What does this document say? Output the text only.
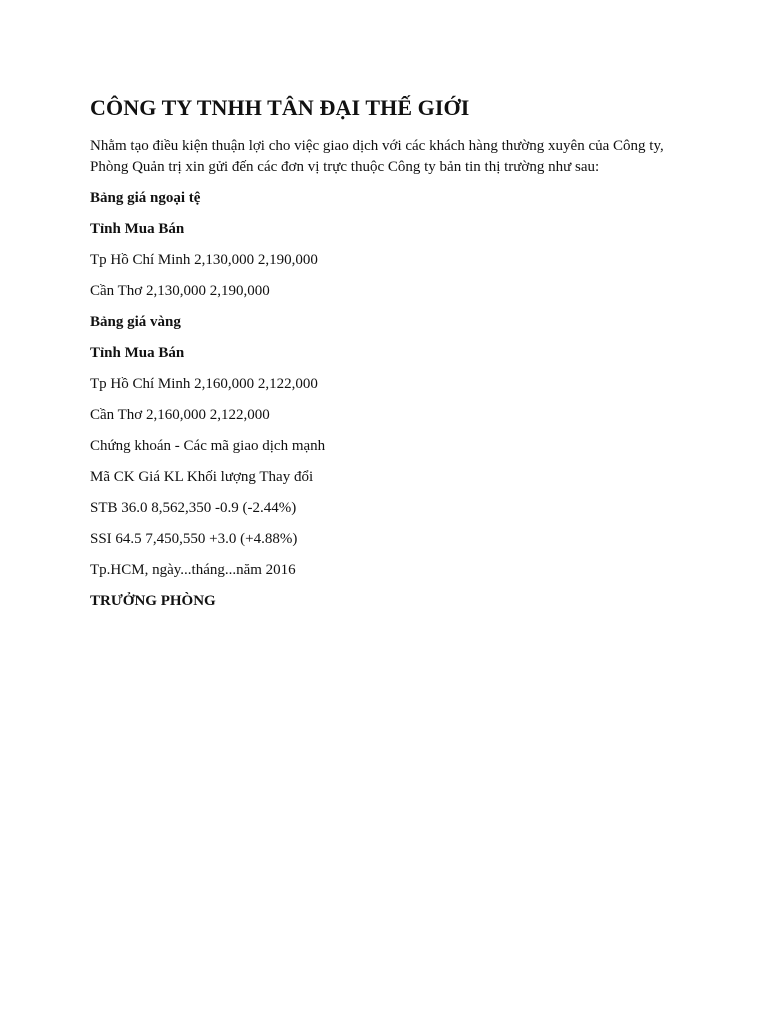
CÔNG TY TNHH TÂN ĐẠI THẾ GIỚI
Nhằm tạo điều kiện thuận lợi cho việc giao dịch với các khách hàng thường xuyên của Công ty, Phòng Quản trị xin gửi đến các đơn vị trực thuộc Công ty bản tin thị trường như sau:
Bảng giá ngoại tệ
Tỉnh Mua Bán
Tp Hồ Chí Minh 2,130,000 2,190,000
Cần Thơ 2,130,000 2,190,000
Bảng giá vàng
Tỉnh Mua Bán
Tp Hồ Chí Minh 2,160,000 2,122,000
Cần Thơ 2,160,000 2,122,000
Chứng khoán - Các mã giao dịch mạnh
Mã CK Giá KL Khối lượng Thay đổi
STB 36.0 8,562,350 -0.9 (-2.44%)
SSI 64.5 7,450,550 +3.0 (+4.88%)
Tp.HCM, ngày...tháng...năm 2016
TRƯỞNG PHÒNG
